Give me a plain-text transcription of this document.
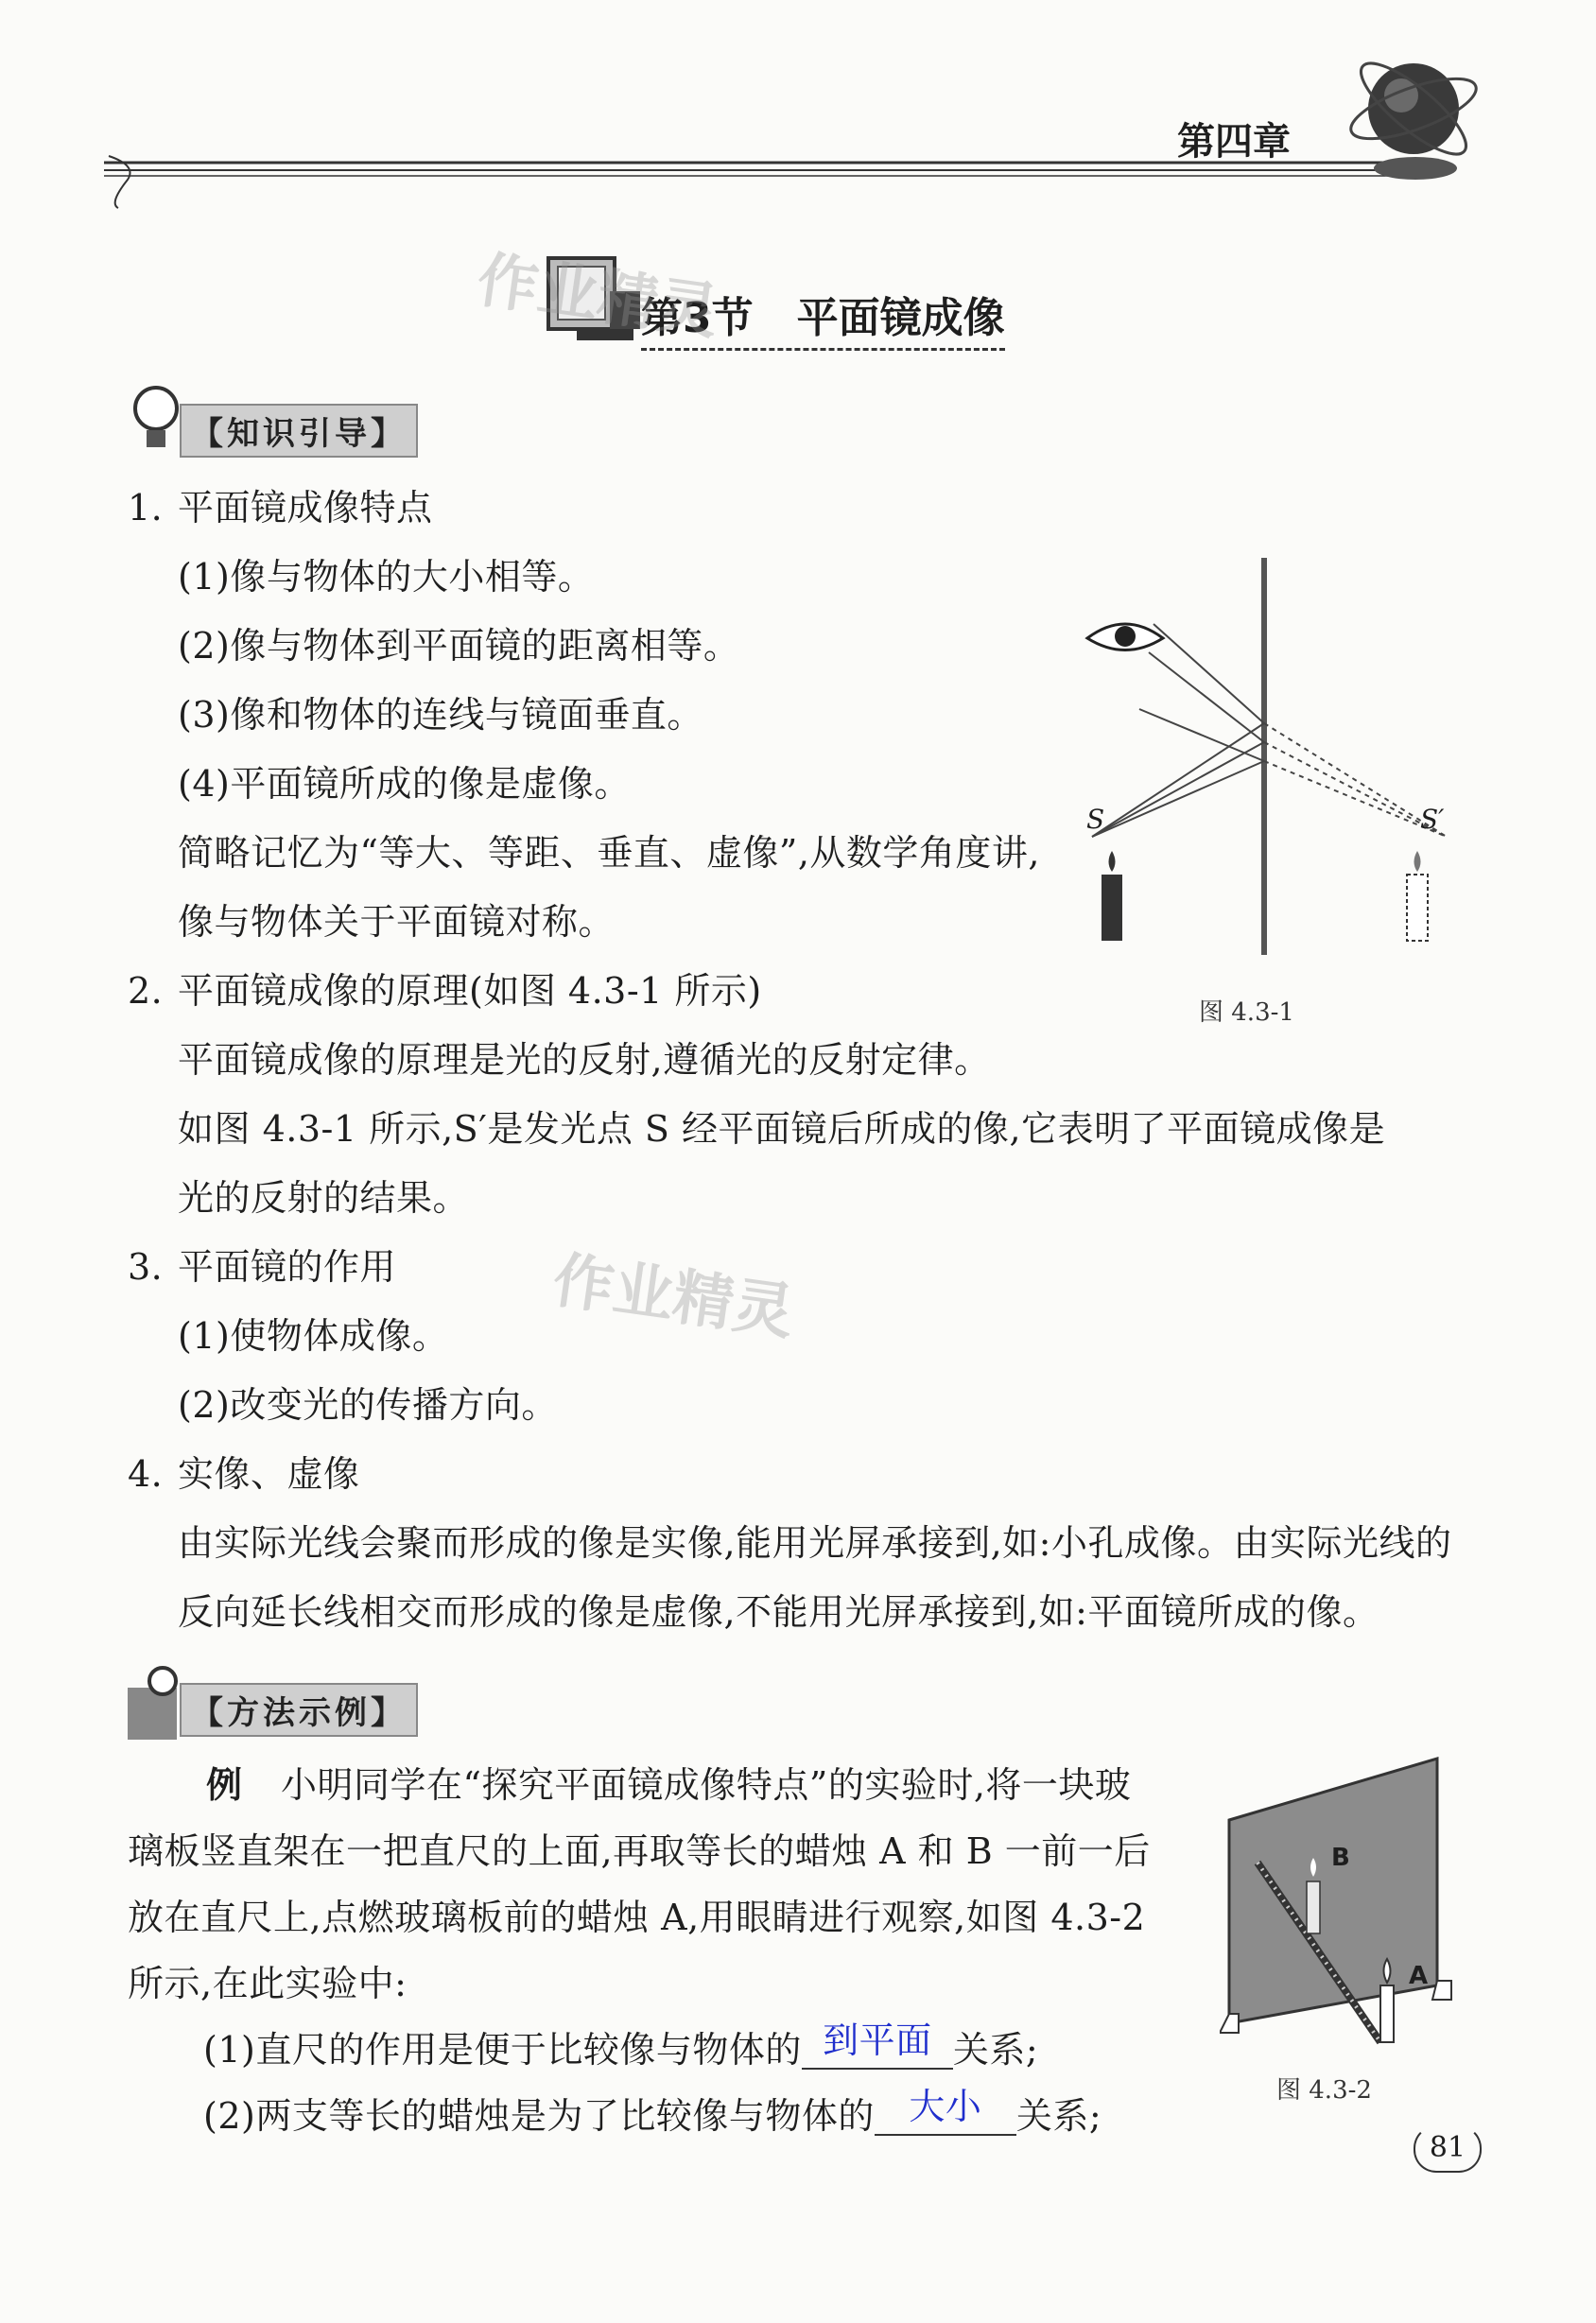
第四章
第3节   平面镜成像
作业精灵
【知识引导】
1. 平面镜成像特点
(1)像与物体的大小相等。
(2)像与物体到平面镜的距离相等。
(3)像和物体的连线与镜面垂直。
(4)平面镜所成的像是虚像。
简略记忆为“等大、等距、垂直、虚像”,从数学角度讲,
像与物体关于平面镜对称。
2. 平面镜成像的原理(如图 4.3-1 所示)
平面镜成像的原理是光的反射,遵循光的反射定律。
如图 4.3-1 所示,S′是发光点 S 经平面镜后所成的像,它表明了平面镜成像是
光的反射的结果。
3. 平面镜的作用
(1)使物体成像。
(2)改变光的传播方向。
作业精灵
4. 实像、虚像
由实际光线会聚而形成的像是实像,能用光屏承接到,如:小孔成像。由实际光线的
反向延长线相交而形成的像是虚像,不能用光屏承接到,如:平面镜所成的像。
S	S′
图 4.3-1
【方法示例】
例 小明同学在“探究平面镜成像特点”的实验时,将一块玻
璃板竖直架在一把直尺的上面,再取等长的蜡烛 A 和 B 一前一后
放在直尺上,点燃玻璃板前的蜡烛 A,用眼睛进行观察,如图 4.3-2
所示,在此实验中:
(1)直尺的作用是便于比较像与物体的 到平面 关系;
(2)两支等长的蜡烛是为了比较像与物体的 大小 关系;
B
A
图 4.3-2
81
